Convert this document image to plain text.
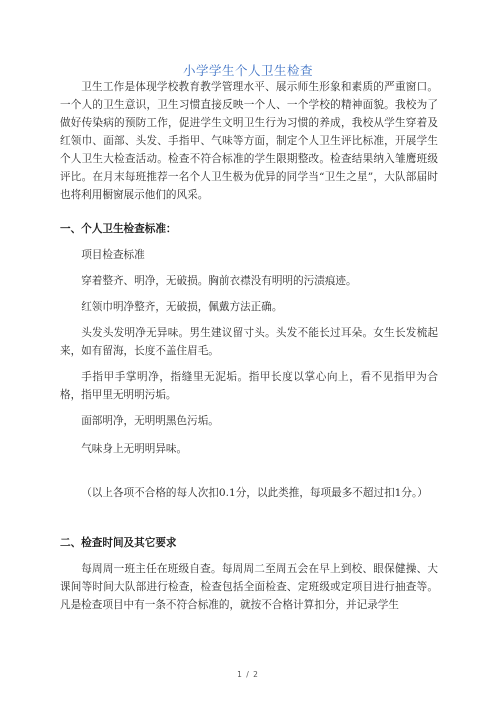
小学学生个人卫生检查

卫生工作是体现学校教育教学管理水平、展示师生形象和素质的严重窗口。一个人的卫生意识，卫生习惯直接反映一个人、一个学校的精神面貌。我校为了做好传染病的预防工作，促进学生文明卫生行为习惯的养成，我校从学生穿着及红领巾、面部、头发、手指甲、气味等方面，制定个人卫生评比标准，开展学生个人卫生大检查活动。检查不符合标准的学生限期整改。检查结果纳入雏鹰班级评比。在月末每班推荐一名个人卫生极为优异的同学当“卫生之星”，大队部届时也将利用橱窗展示他们的风采。

一、个人卫生检查标准：

项目检查标准

穿着整齐、明净，无破损。胸前衣襟没有明明的污渍痕迹。

红领巾明净整齐，无破损，佩戴方法正确。

头发头发明净无异味。男生建议留寸头。头发不能长过耳朵。女生长发梳起来，如有留海，长度不盖住眉毛。

手指甲手掌明净，指缝里无泥垢。指甲长度以掌心向上，看不见指甲为合格，指甲里无明明污垢。

面部明净，无明明黑色污垢。

气味身上无明明异味。

（以上各项不合格的每人次扣0.1分，以此类推，每项最多不超过扣1分。）

二、检查时间及其它要求

每周周一班主任在班级自查。每周周二至周五会在早上到校、眼保健操、大课间等时间大队部进行检查，检查包括全面检查、定班级或定项目进行抽查等。凡是检查项目中有一条不符合标准的，就按不合格计算扣分，并记录学生

1 / 2
